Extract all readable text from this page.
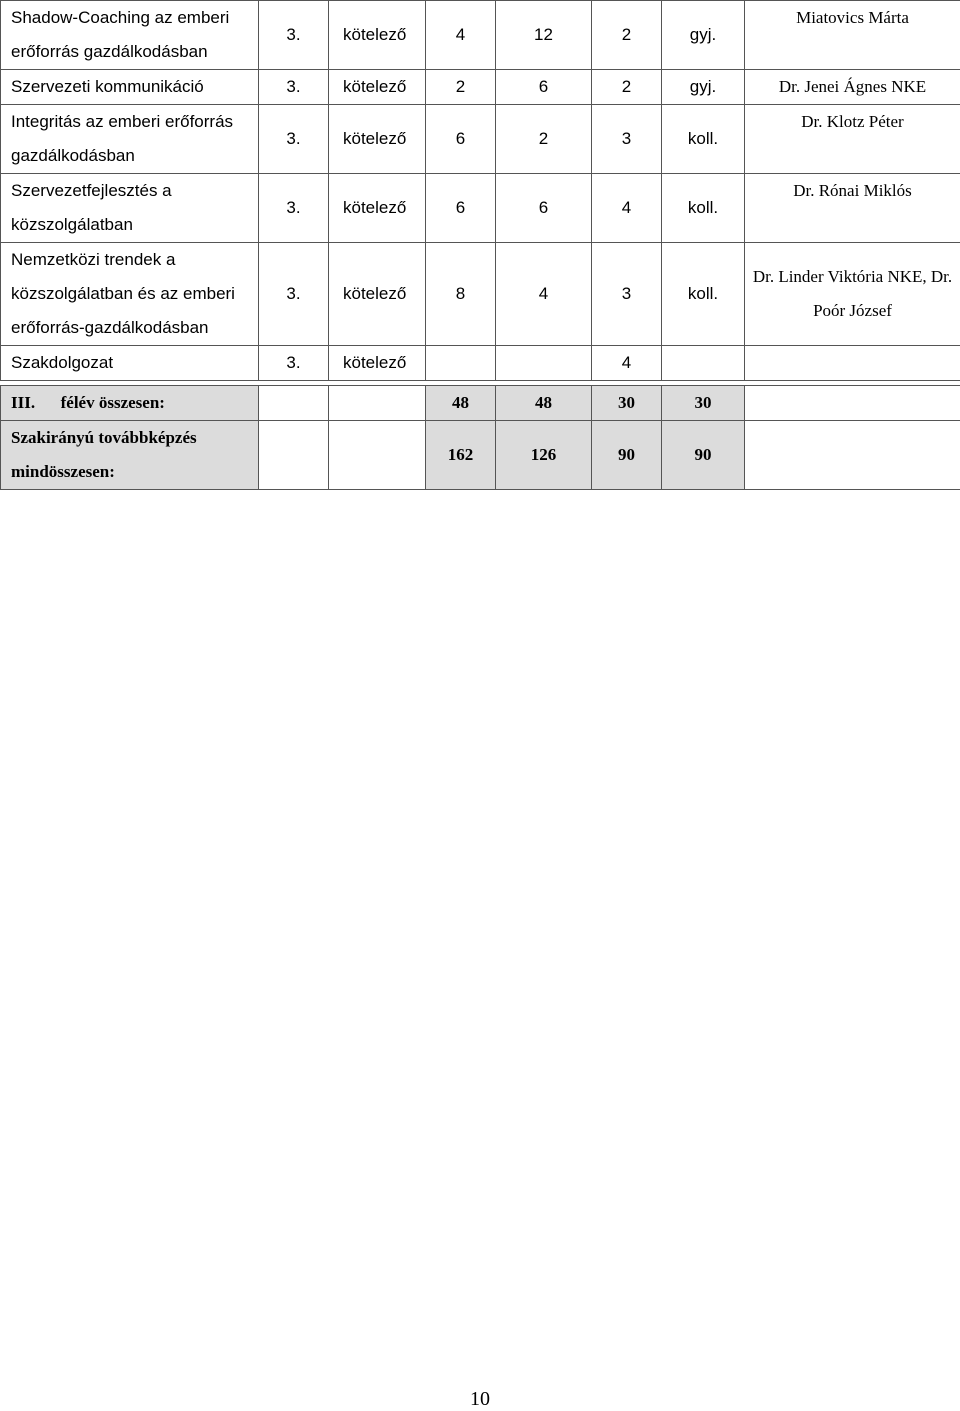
Shadow-Coaching az emberi erőforrás gazdálkodásban	3.	kötelező	4	12	2	gyj.	Miatovics Márta
Szervezeti kommunikáció	3.	kötelező	2	6	2	gyj.	Dr. Jenei Ágnes NKE
Integritás az emberi erőforrás gazdálkodásban	3.	kötelező	6	2	3	koll.	Dr. Klotz Péter
Szervezetfejlesztés a közszolgálatban	3.	kötelező	6	6	4	koll.	Dr. Rónai Miklós
Nemzetközi trendek a közszolgálatban és az emberi erőforrás-gazdálkodásban	3.	kötelező	8	4	3	koll.	Dr. Linder Viktória NKE, Dr. Poór József
Szakdolgozat	3.	kötelező			4		

III. félév összesen:			48	48	30	30	
Szakirányú továbbképzés mindösszesen:			162	126	90	90	
10
